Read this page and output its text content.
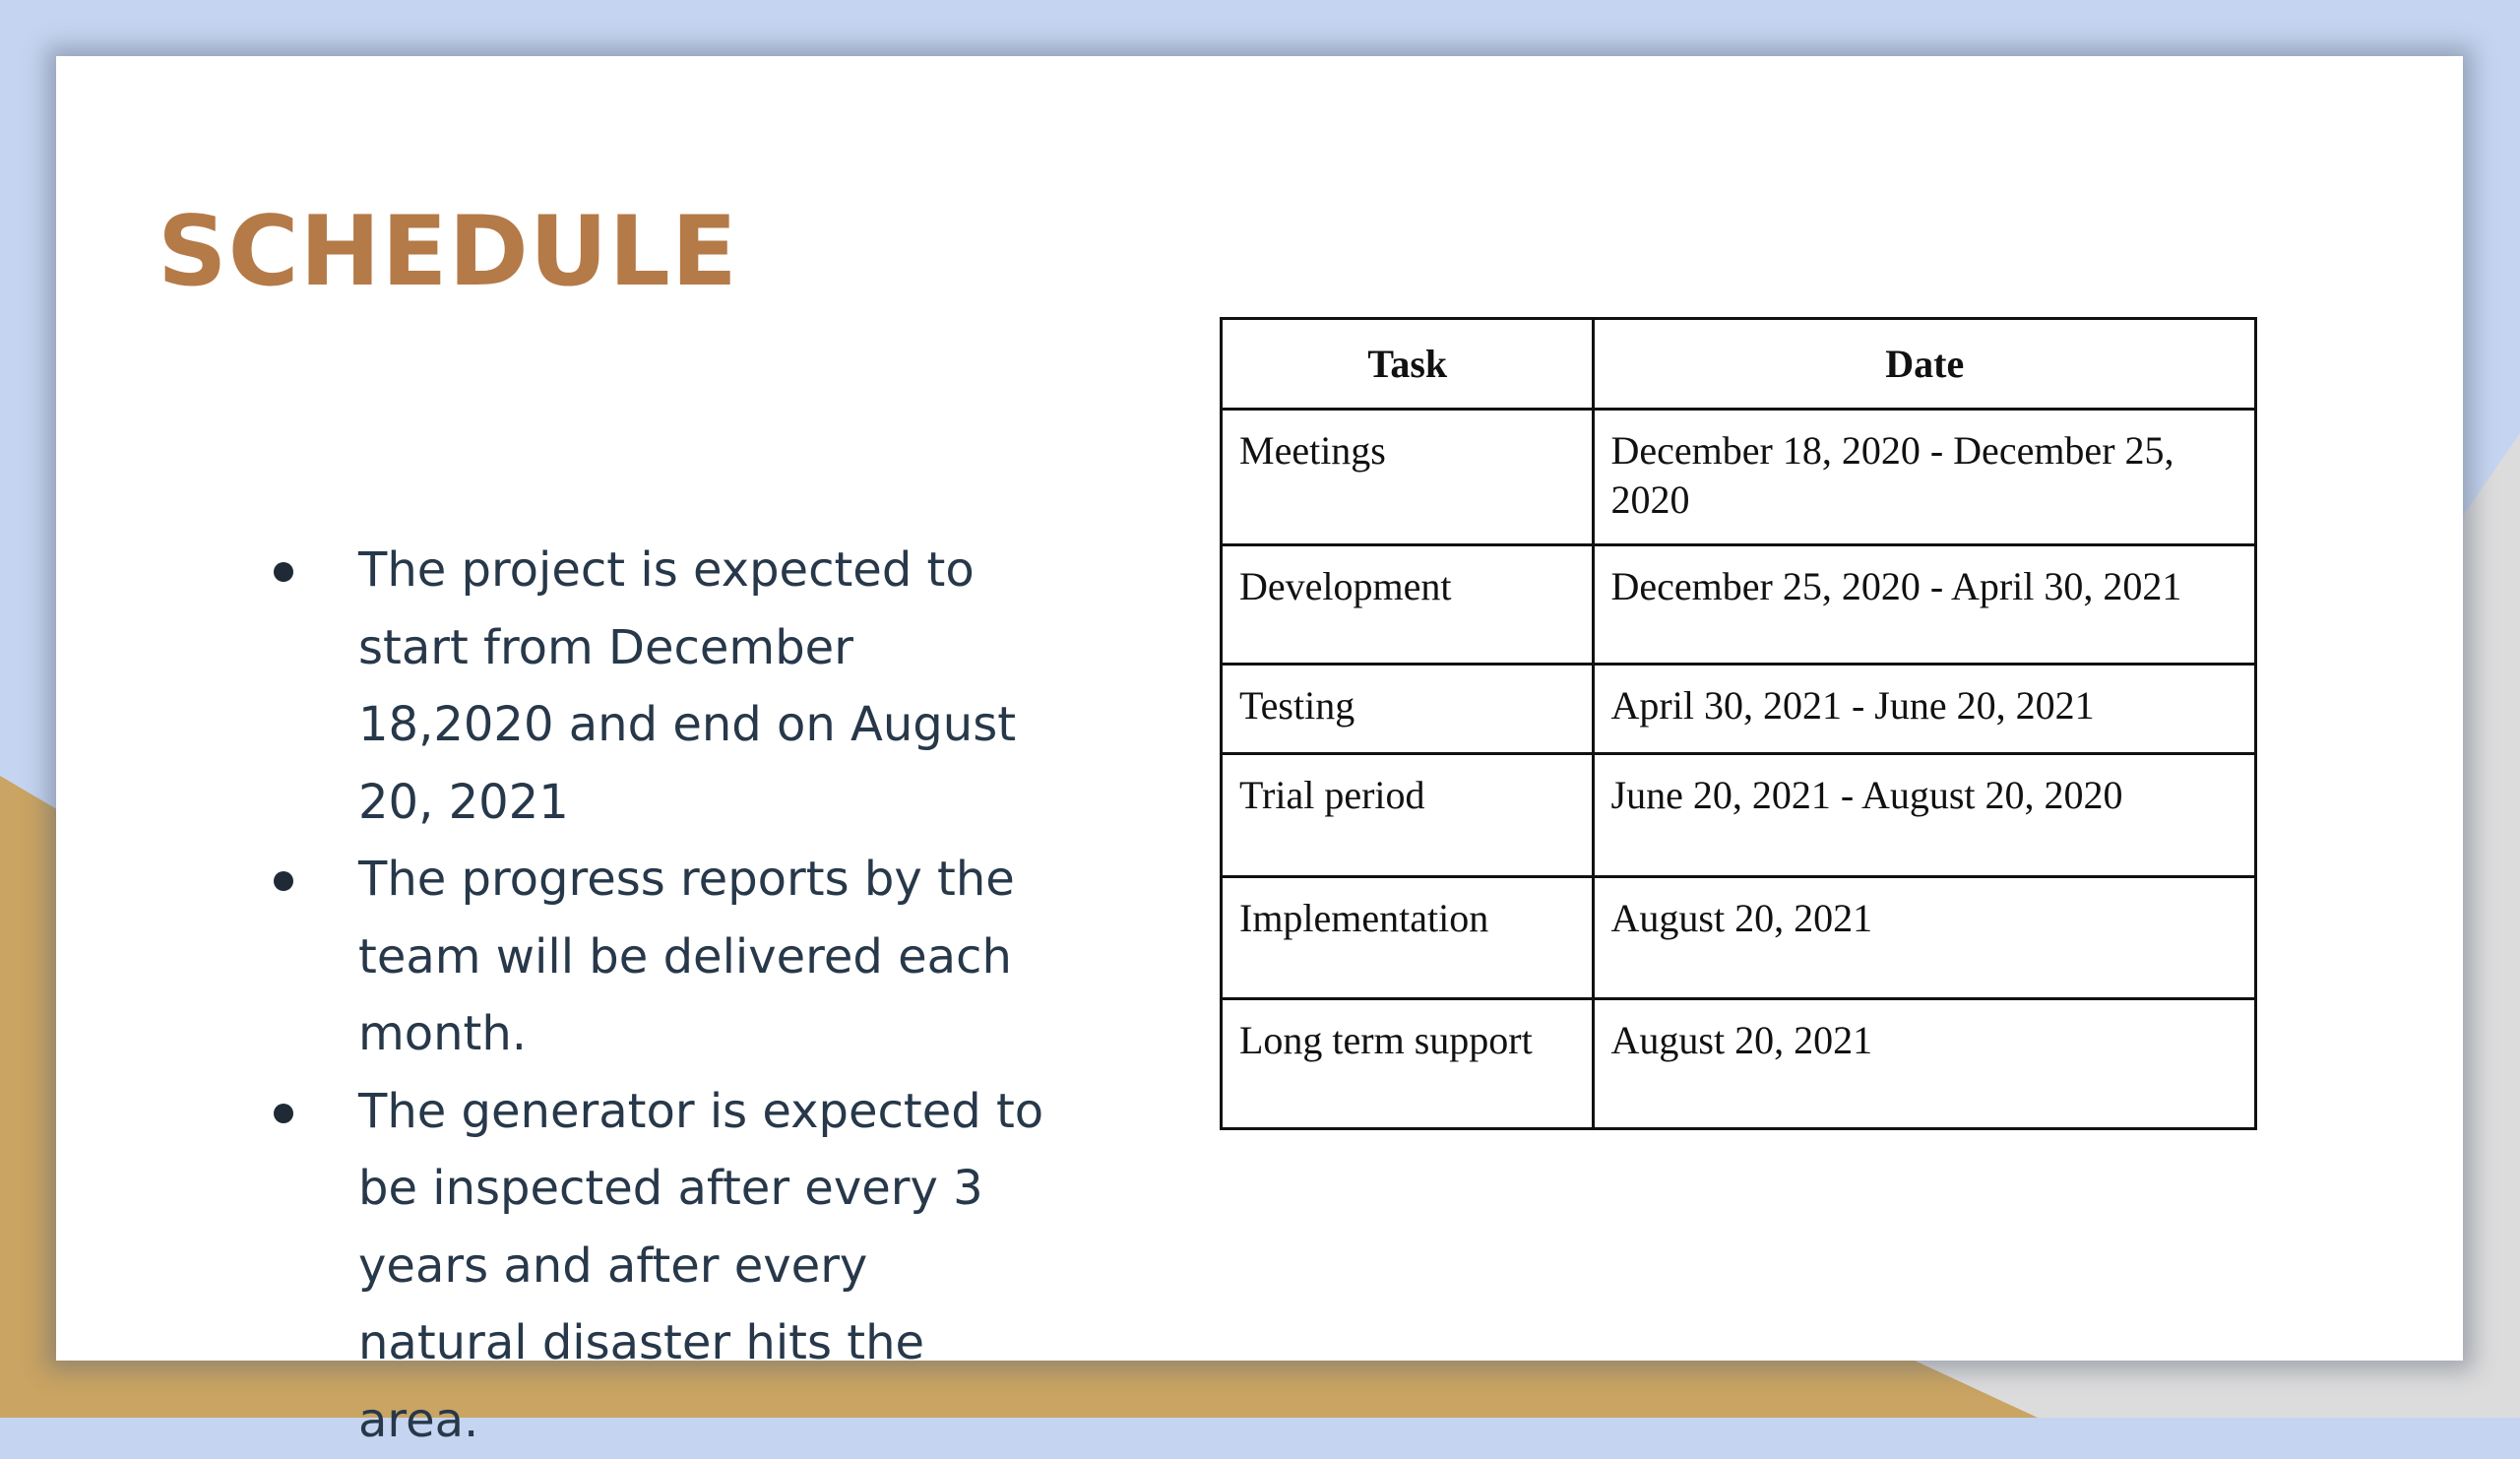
SCHEDULE
The project is expected to start from December 18,2020 and end on August 20, 2021
The progress reports by the team will be delivered each month.
The generator is expected to be inspected after every 3 years and after every natural disaster hits the area.
Task	Date
Meetings	December 18, 2020 - December 25, 2020
Development	December 25, 2020 - April 30, 2021
Testing	April 30, 2021 - June 20, 2021
Trial period	June 20, 2021 - August 20, 2020
Implementation	August 20, 2021
Long term support	August 20, 2021
